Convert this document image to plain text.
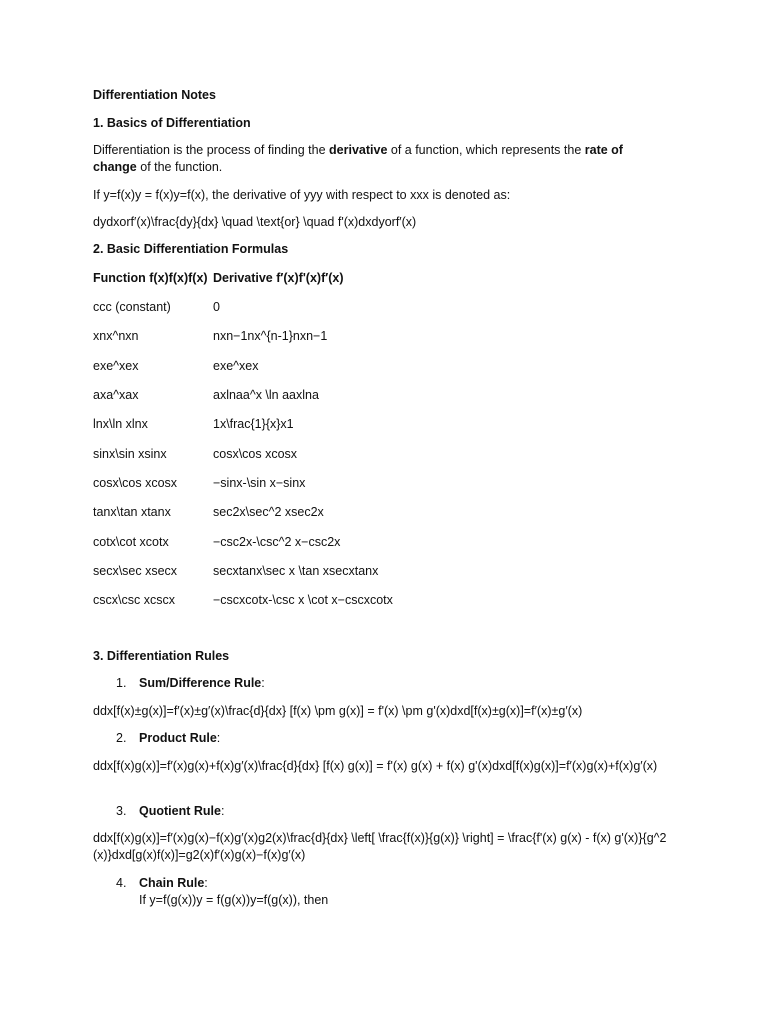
Differentiation Notes
1. Basics of Differentiation
Differentiation is the process of finding the derivative of a function, which represents the rate of change of the function.
If y=f(x)y = f(x)y=f(x), the derivative of yyy with respect to xxx is denoted as:
dydxorf′(x)\frac{dy}{dx} \quad \text{or} \quad f'(x)dxdyorf′(x)
2. Basic Differentiation Formulas
Function f(x)f(x)f(x) Derivative f′(x)f'(x)f′(x)
ccc (constant)	0
xnx^nxn	nxn−1nx^{n-1}nxn−1
exe^xex	exe^xex
axa^xax	axlnaa^x \ln aaxlna
lnx\ln xlnx	1x\frac{1}{x}x1
sinx\sin xsinx	cosx\cos xcosx
cosx\cos xcosx	−sinx-\sin x−sinx
tanx\tan xtanx	sec2x\sec^2 xsec2x
cotx\cot xcotx	−csc2x-\csc^2 x−csc2x
secx\sec xsecx	secxtanx\sec x \tan xsecxtanx
cscx\csc xcscx	−cscxcotx-\csc x \cot x−cscxcotx
3. Differentiation Rules
1. Sum/Difference Rule:
ddx[f(x)±g(x)]=f′(x)±g′(x)\frac{d}{dx} [f(x) \pm g(x)] = f'(x) \pm g'(x)dxd[f(x)±g(x)]=f′(x)±g′(x)
2. Product Rule:
ddx[f(x)g(x)]=f′(x)g(x)+f(x)g′(x)\frac{d}{dx} [f(x) g(x)] = f'(x) g(x) + f(x) g'(x)dxd[f(x)g(x)]=f′(x)g(x)+f(x)g′(x)
3. Quotient Rule:
ddx[f(x)g(x)]=f′(x)g(x)−f(x)g′(x)g2(x)\frac{d}{dx} \left[ \frac{f(x)}{g(x)} \right] = \frac{f'(x) g(x) - f(x) g'(x)}{g^2(x)}dxd[g(x)f(x)]=g2(x)f′(x)g(x)−f(x)g′(x)
4. Chain Rule:
If y=f(g(x))y = f(g(x))y=f(g(x)), then
